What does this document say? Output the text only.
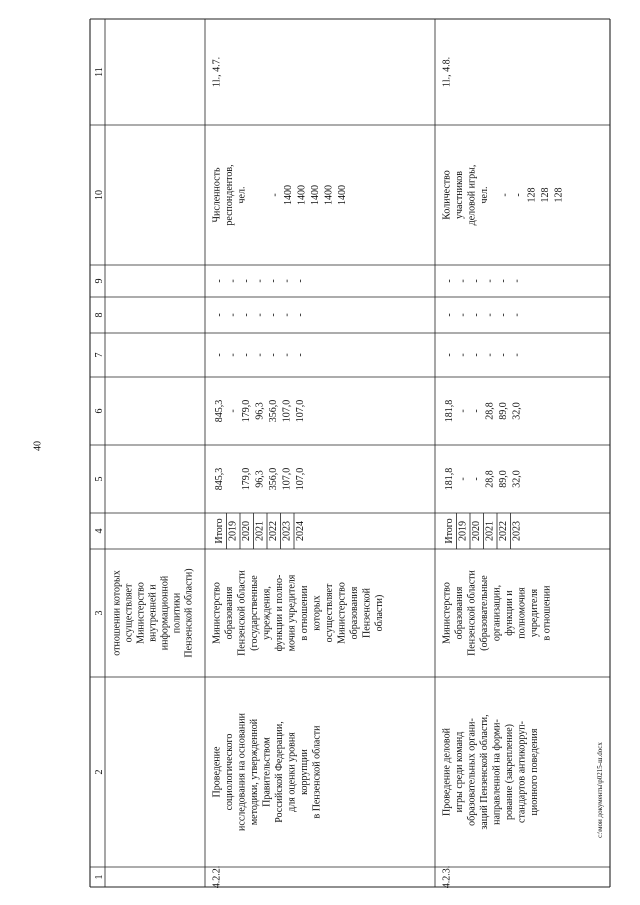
40
c:\мои документы\p0215-ш.docx
1
2
3
4
5
6
7
8
9
10
11
отношении которых осуществляет Министерство внутренней и информационной политики Пензенской области)
4.2.2.
Проведение социологического исследования на основании методики, утвержденной Правительством Российской Федерации, для оценки уровня коррупции в Пензенской области
Министерство образования Пензенской области (государственные учреждения, функции и полно- мочия учредителя в отношении которых осуществляет Министерство образования Пензенской области)
Итого 2019 2020 2021 2022 2023 2024
845,3 179,0 96,3 356,0 107,0 107,0
845,3 - 179,0 96,3 356,0 107,0 107,0
- - - - - - -
- - - - - - -
- - - - - - -
Численность респондентов, чел. - 1400 1400 1400 1400 1400
1l., 4.7.
4.2.3.
Проведение деловой игры среди команд образовательных органи- заций Пензенской области, направленной на форми- рование (закрепление) стандартов антикорруп- ционного поведения
Министерство образования Пензенской области (образовательные организации, функции и полномочия учредителя в отношении
Итого 2019 2020 2021 2022 2023
181,8 - - 28,8 89,0 32,0
181,8 - - 28,8 89,0 32,0
- - - - - -
- - - - - -
- - - - - -
Количество участников деловой игры, чел. - - 128 128 128
1l., 4.8.
